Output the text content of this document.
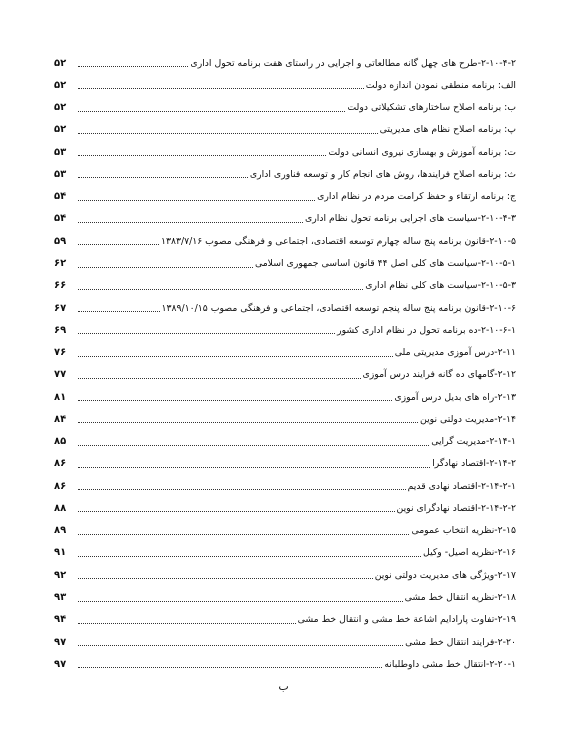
۵۲	۲-۱۰-۴-۲-طرح های چهل گانه مطالعاتی و اجرایی در راستای هفت برنامه تحول اداری
۵۲	الف: برنامه منطقی نمودن اندازه دولت
۵۲	ب: برنامه اصلاح ساختارهای تشکیلاتی دولت
۵۲	پ: برنامه اصلاح نظام های مدیریتی
۵۳	ت: برنامه آموزش و بهسازی نیروی انسانی دولت
۵۳	ث: برنامه اصلاح فرایندها، روش های انجام کار و توسعه فناوری اداری
۵۴	ج: برنامه ارتقاء و حفظ کرامت مردم در نظام اداری
۵۴	۲-۱۰-۴-۳-سیاست های اجرایی برنامه تحول نظام اداری
۵۹	۲-۱۰-۵-قانون برنامه پنج ساله چهارم توسعه اقتصادی، اجتماعی و فرهنگی مصوب ۱۳۸۳/۷/۱۶
۶۲	۲-۱۰-۵-۱-سیاست های کلی اصل ۴۴ قانون اساسی جمهوری اسلامی
۶۶	۲-۱۰-۵-۳-سیاست های کلی نظام اداری
۶۷	۲-۱۰-۶-قانون برنامه پنج ساله پنجم توسعه اقتصادی، اجتماعی و فرهنگی مصوب ۱۳۸۹/۱۰/۱۵
۶۹	۲-۱۰-۶-۱-ده برنامه تحول در نظام اداری کشور
۷۶	۲-۱۱-درس آموزی مدیریتی ملی
۷۷	۲-۱۲-گامهای ده گانه فرایند درس آموزی
۸۱	۲-۱۳-راه های بدیل درس آموزی
۸۴	۲-۱۴-مدیریت دولتی نوین
۸۵	۲-۱۴-۱-مدیریت گرایی
۸۶	۲-۱۴-۲-اقتصاد نهادگرا
۸۶	۲-۱۴-۲-۱-اقتصاد نهادی قدیم
۸۸	۲-۱۴-۲-۲-اقتصاد نهادگرای نوین
۸۹	۲-۱۵-نظریه انتخاب عمومی
۹۱	۲-۱۶-نظریه اصیل- وکیل
۹۲	۲-۱۷-ویژگی های مدیریت دولتی نوین
۹۳	۲-۱۸-نظریه انتقال خط مشی
۹۴	۲-۱۹-تفاوت پارادایم اشاعة خط مشی و انتقال خط مشی
۹۷	۲-۲۰-فرایند انتقال خط مشی
۹۷	۲-۲۰-۱-انتقال خط مشی داوطلبانه
ب
